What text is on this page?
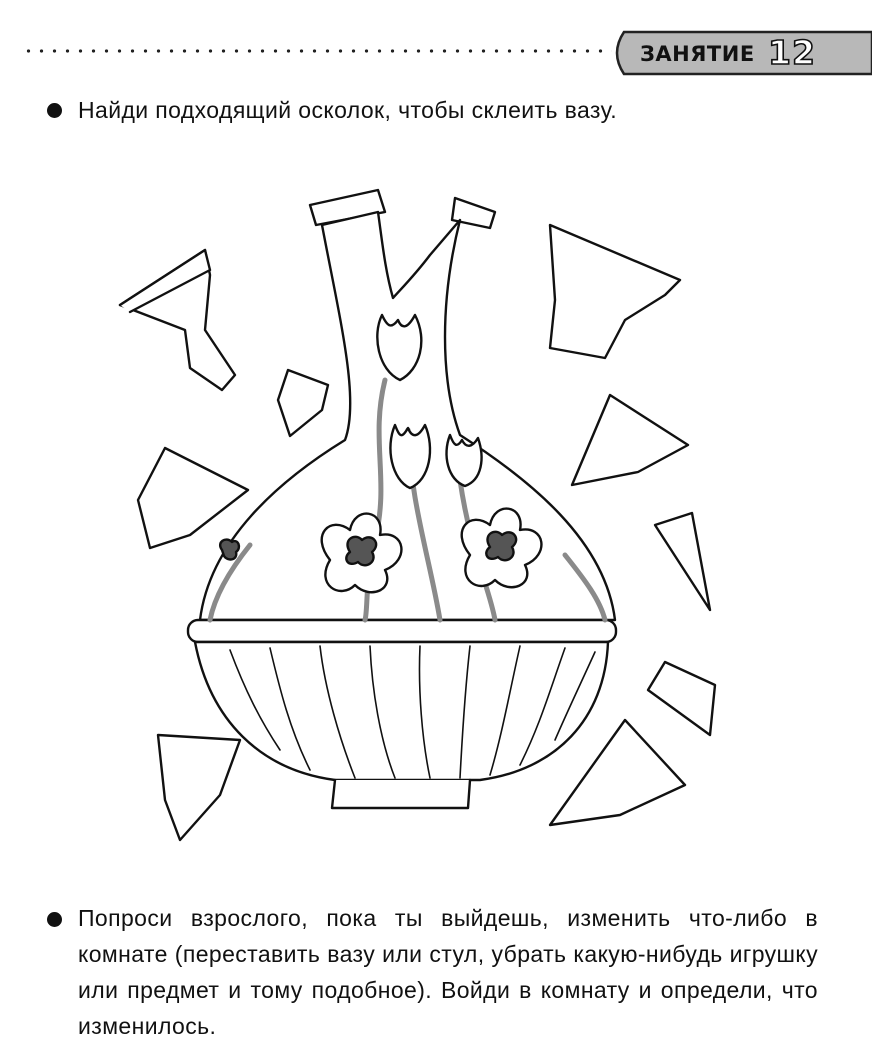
ЗАНЯТИЕ 12
Найди подходящий осколок, чтобы склеить вазу.
Попроси взрослого, пока ты выйдешь, изменить что-либо в комнате (переставить вазу или стул, убрать какую-нибудь игрушку или предмет и тому подобное). Войди в комнату и определи, что изменилось.
